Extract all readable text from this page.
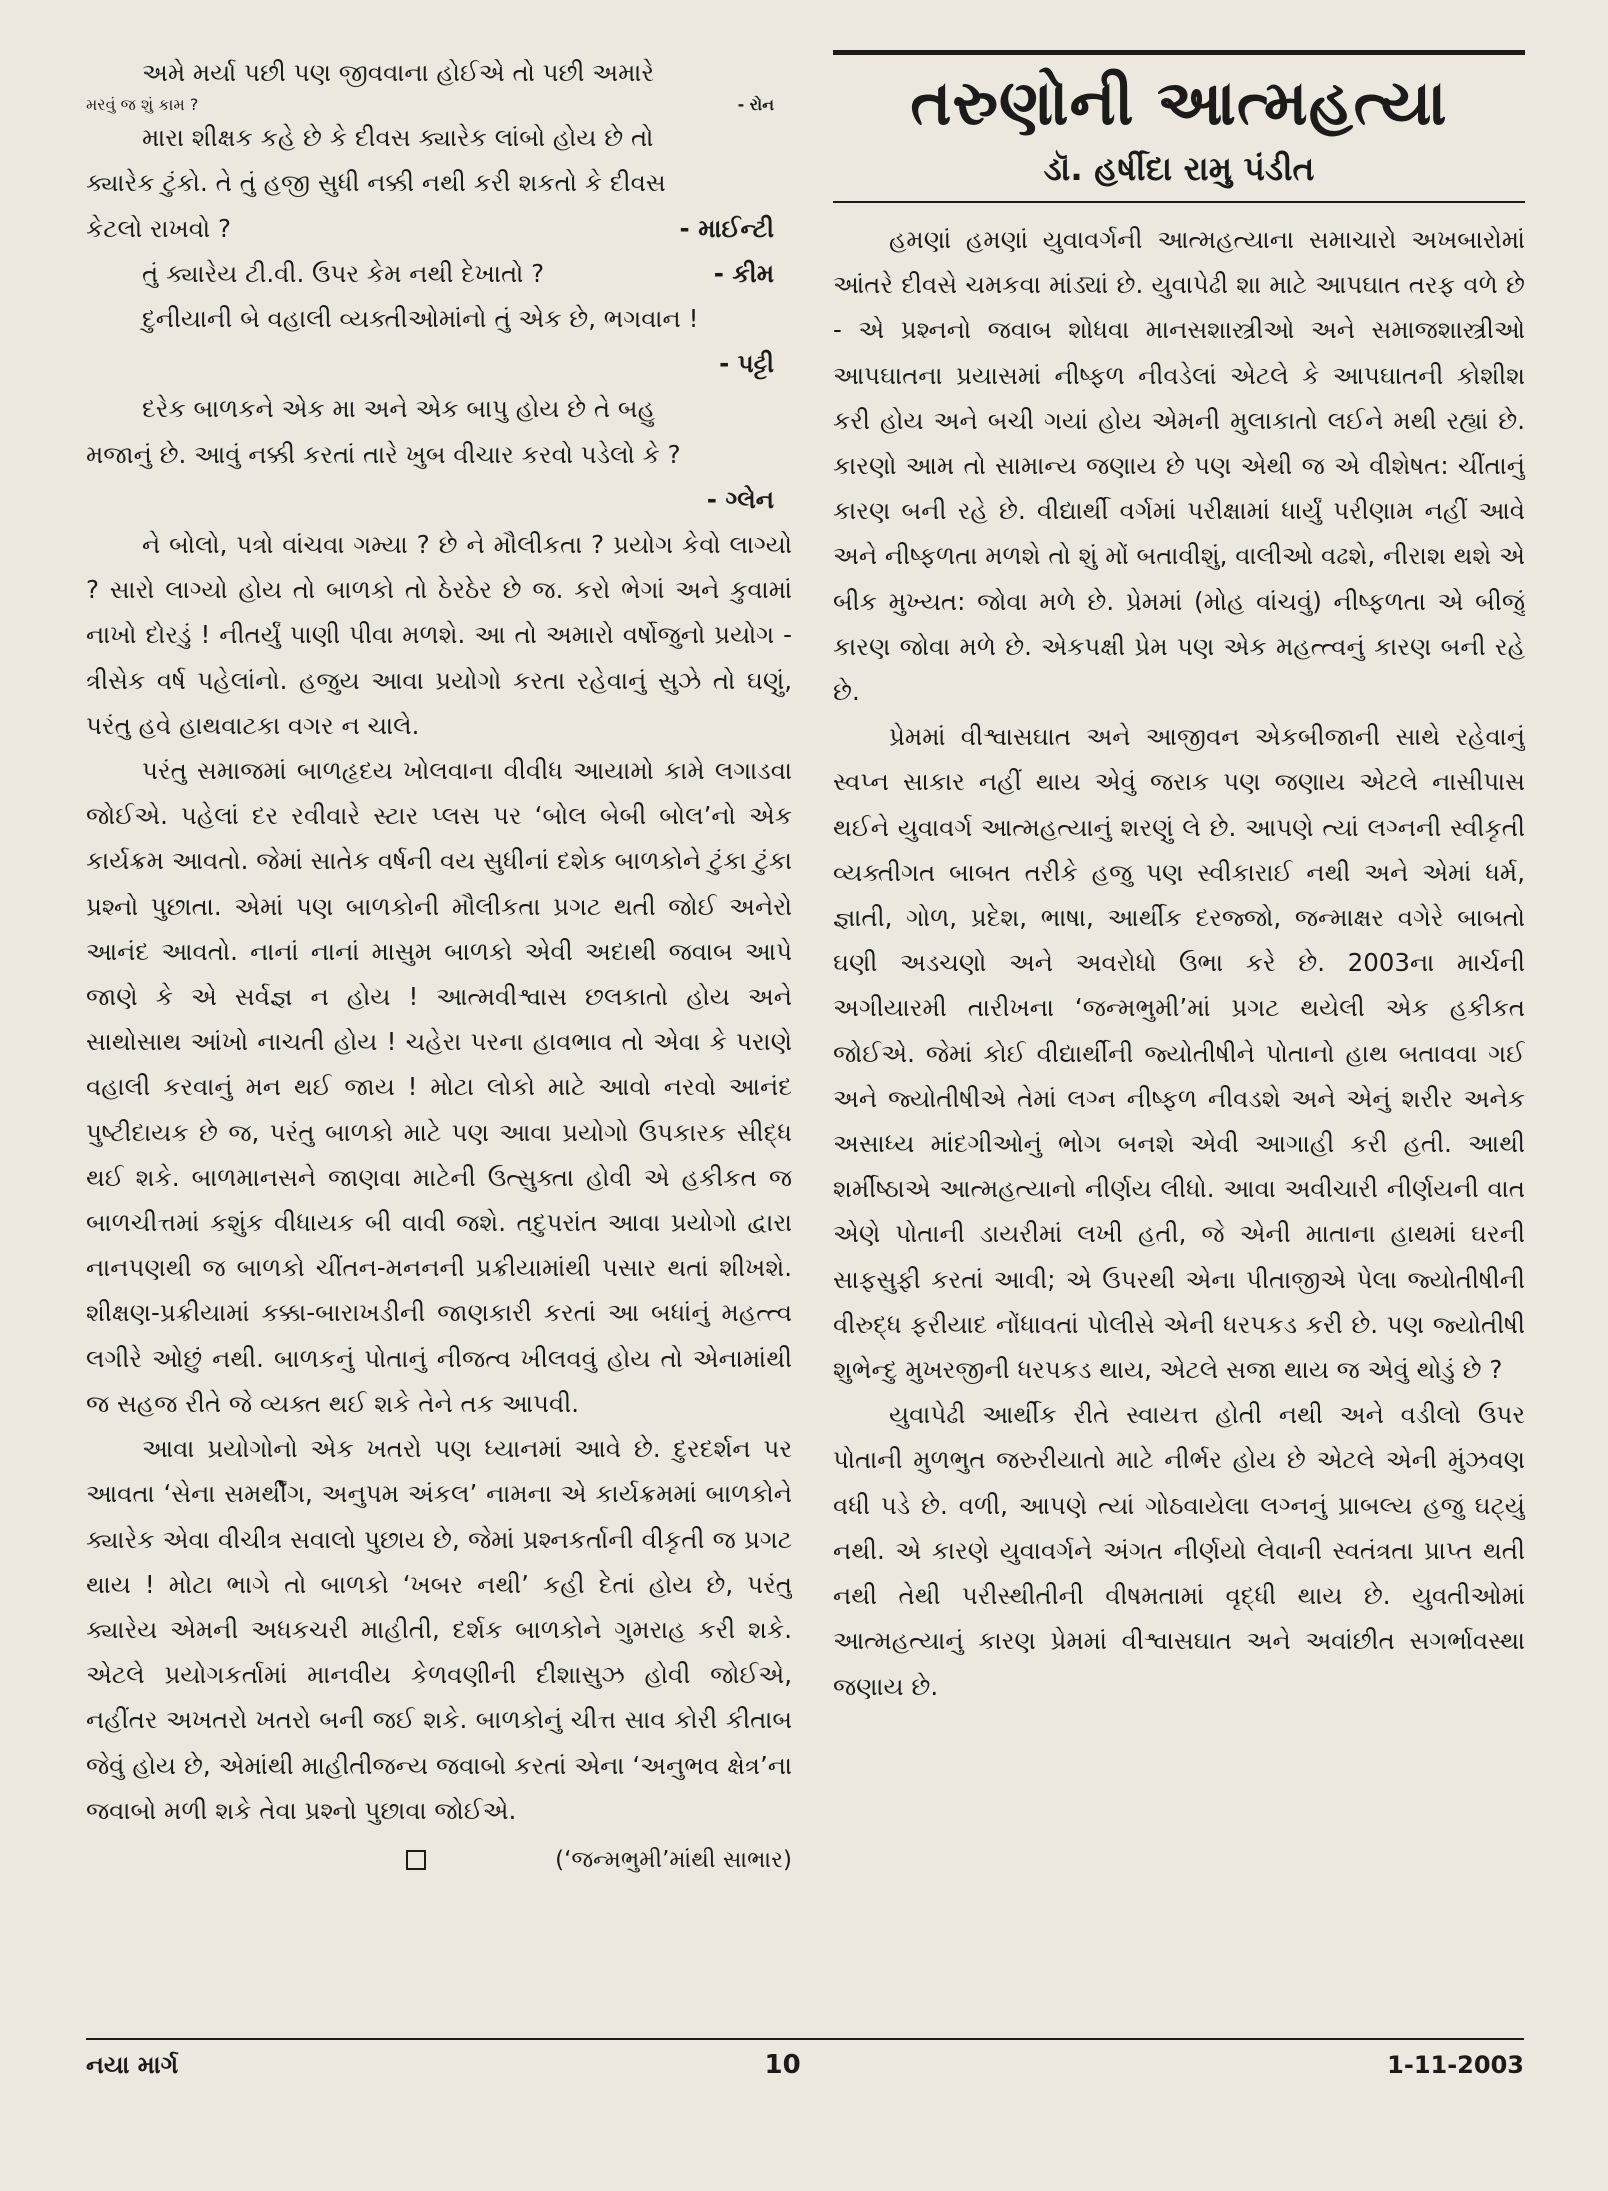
અમે મર્યા પછી પણ જીવવાના હોઈએ તો પછી અમારે

મરવું જ શું કામ ?	- રોન

મારા શીક્ષક કહે છે કે દીવસ ક્યારેક લાંબો હોય છે તો

ક્યારેક ટુંકો. તે તું હજી સુધી નક્કી નથી કરી શકતો કે દીવસ
કેટલો રાખવો ?	- માઈન્ટી
તું ક્યારેય ટી.વી. ઉપર કેમ નથી દેખાતો ?	- કીમ

દુનીયાની બે વહાલી વ્યક્તીઓમાંનો તું એક છે, ભગવાન !

- પટ્ટી

દરેક બાળકને એક મા અને એક બાપુ હોય છે તે બહુ

મજાનું છે. આવું નક્કી કરતાં તારે ખુબ વીચાર કરવો પડેલો કે ?
- ગ્લેન

ને બોલો, પત્રો વાંચવા ગમ્યા ? છે ને મૌલીકતા ? પ્રયોગ કેવો લાગ્યો ? સારો લાગ્યો હોય તો બાળકો તો ઠેરઠેર છે જ. કરો ભેગાં અને કુવામાં નાખો દોરડું ! નીતર્યું પાણી પીવા મળશે. આ તો અમારો વર્ષોજુનો પ્રયોગ - ત્રીસેક વર્ષ પહેલાંનો. હજુય આવા પ્રયોગો કરતા રહેવાનું સુઝે તો ઘણું, પરંતુ હવે હાથવાટકા વગર ન ચાલે.

પરંતુ સમાજમાં બાળહૃદય ખોલવાના વીવીધ આયામો કામે લગાડવા જોઈએ. પહેલાં દર રવીવારે સ્ટાર પ્લસ પર ‘બોલ બેબી બોલ’નો એક કાર્યક્રમ આવતો. જેમાં સાતેક વર્ષની વય સુધીનાં દશેક બાળકોને ટુંકા ટુંકા પ્રશ્નો પુછાતા. એમાં પણ બાળકોની મૌલીકતા પ્રગટ થતી જોઈ અનેરો આનંદ આવતો. નાનાં નાનાં માસુમ બાળકો એવી અદાથી જવાબ આપે જાણે કે એ સર્વજ્ઞ ન હોય ! આત્મવીશ્વાસ છલકાતો હોય અને સાથોસાથ આંખો નાચતી હોય ! ચહેરા પરના હાવભાવ તો એવા કે પરાણે વહાલી કરવાનું મન થઈ જાય ! મોટા લોકો માટે આવો નરવો આનંદ પુષ્ટીદાયક છે જ, પરંતુ બાળકો માટે પણ આવા પ્રયોગો ઉપકારક સીદ્ધ થઈ શકે. બાળમાનસને જાણવા માટેની ઉત્સુક્તા હોવી એ હકીકત જ બાળચીત્તમાં કશુંક વીધાયક બી વાવી જશે. તદુપરાંત આવા પ્રયોગો દ્વારા નાનપણથી જ બાળકો ચીંતન-મનનની પ્રક્રીયામાંથી પસાર થતાં શીખશે. શીક્ષણ-પ્રક્રીયામાં કક્કા-બારાખડીની જાણકારી કરતાં આ બધાંનું મહત્ત્વ લગીરે ઓછું નથી. બાળકનું પોતાનું નીજત્વ ખીલવવું હોય તો એનામાંથી જ સહજ રીતે જે વ્યક્ત થઈ શકે તેને તક આપવી.

આવા પ્રયોગોનો એક ખતરો પણ ધ્યાનમાં આવે છે. દુરદર્શન પર આવતા ‘સેના સમર્થીંગ, અનુપમ અંકલ’ નામના એ કાર્યક્રમમાં બાળકોને ક્યારેક એવા વીચીત્ર સવાલો પુછાય છે, જેમાં પ્રશ્નકર્તાની વીકૃતી જ પ્રગટ થાય ! મોટા ભાગે તો બાળકો ‘ખબર નથી’ કહી દેતાં હોય છે, પરંતુ ક્યારેય એમની અધકચરી માહીતી, દર્શક બાળકોને ગુમરાહ કરી શકે. એટલે પ્રયોગકર્તામાં માનવીય કેળવણીની દીશાસુઝ હોવી જોઈએ, નહીંતર અખતરો ખતરો બની જઈ શકે. બાળકોનું ચીત્ત સાવ કોરી કીતાબ જેવું હોય છે, એમાંથી માહીતીજન્ય જવાબો કરતાં એના ‘અનુભવ ક્ષેત્ર’ના જવાબો મળી શકે તેવા પ્રશ્નો પુછાવા જોઈએ.

(‘જન્મભુમી’માંથી સાભાર)
તરુણોની આત્મહત્યા
ડૉ. હર્ષીદા રામુ પંડીત

હમણાં હમણાં યુવાવર્ગની આત્મહત્યાના સમાચારો અખબારોમાં આંતરે દીવસે ચમકવા માંડ્યાં છે. યુવાપેઢી શા માટે આપઘાત તરફ વળે છે - એ પ્રશ્નનો જવાબ શોધવા માનસશાસ્ત્રીઓ અને સમાજશાસ્ત્રીઓ આપઘાતના પ્રયાસમાં નીષ્ફળ નીવડેલાં એટલે કે આપઘાતની કોશીશ કરી હોય અને બચી ગયાં હોય એમની મુલાકાતો લઈને મથી રહ્યાં છે. કારણો આમ તો સામાન્ય જણાય છે પણ એથી જ એ વીશેષત: ચીંતાનું કારણ બની રહે છે. વીદ્યાર્થી વર્ગમાં પરીક્ષામાં ધાર્યું પરીણામ નહીં આવે અને નીષ્ફળતા મળશે તો શું મોં બતાવીશું, વાલીઓ વઢશે, નીરાશ થશે એ બીક મુખ્યત: જોવા મળે છે. પ્રેમમાં (મોહ વાંચવું) નીષ્ફળતા એ બીજું કારણ જોવા મળે છે. એકપક્ષી પ્રેમ પણ એક મહત્ત્વનું કારણ બની રહે છે.

પ્રેમમાં વીશ્વાસઘાત અને આજીવન એકબીજાની સાથે રહેવાનું સ્વપ્ન સાકાર નહીં થાય એવું જરાક પણ જણાય એટલે નાસીપાસ થઈને યુવાવર્ગ આત્મહત્યાનું શરણું લે છે. આપણે ત્યાં લગ્નની સ્વીકૃતી વ્યક્તીગત બાબત તરીકે હજુ પણ સ્વીકારાઈ નથી અને એમાં ધર્મ, જ્ઞાતી, ગોળ, પ્રદેશ, ભાષા, આર્થીક દરજ્જો, જન્માક્ષર વગેરે બાબતો ઘણી અડચણો અને અવરોધો ઉભા કરે છે. 2003ના માર્ચની અગીયારમી તારીખના ‘જન્મભુમી’માં પ્રગટ થયેલી એક હકીકત જોઈએ. જેમાં કોઈ વીદ્યાર્થીની જ્યોતીષીને પોતાનો હાથ બતાવવા ગઈ અને જ્યોતીષીએ તેમાં લગ્ન નીષ્ફળ નીવડશે અને એનું શરીર અનેક અસાધ્ય માંદગીઓનું ભોગ બનશે એવી આગાહી કરી હતી. આથી શર્મીષ્ઠાએ આત્મહત્યાનો નીર્ણય લીધો. આવા અવીચારી નીર્ણયની વાત એણે પોતાની ડાયરીમાં લખી હતી, જે એની માતાના હાથમાં ઘરની સાફસુફી કરતાં આવી; એ ઉપરથી એના પીતાજીએ પેલા જ્યોતીષીની વીરુદ્ધ ફરીયાદ નોંધાવતાં પોલીસે એની ધરપકડ કરી છે. પણ જ્યોતીષી શુભેન્દુ મુખરજીની ધરપકડ થાય, એટલે સજા થાય જ એવું થોડું છે ?

યુવાપેઢી આર્થીક રીતે સ્વાયત્ત હોતી નથી અને વડીલો ઉપર પોતાની મુળભુત જરુરીયાતો માટે નીર્ભર હોય છે એટલે એની મુંઝવણ વધી પડે છે. વળી, આપણે ત્યાં ગોઠવાયેલા લગ્નનું પ્રાબલ્ય હજુ ઘટ્યું નથી. એ કારણે યુવાવર્ગને અંગત નીર્ણયો લેવાની સ્વતંત્રતા પ્રાપ્ત થતી નથી તેથી પરીસ્થીતીની વીષમતામાં વૃદ્ધી થાય છે. યુવતીઓમાં આત્મહત્યાનું કારણ પ્રેમમાં વીશ્વાસઘાત અને અવાંછીત સગર્ભાવસ્થા જણાય છે.

નયા માર્ગ	10	1-11-2003
